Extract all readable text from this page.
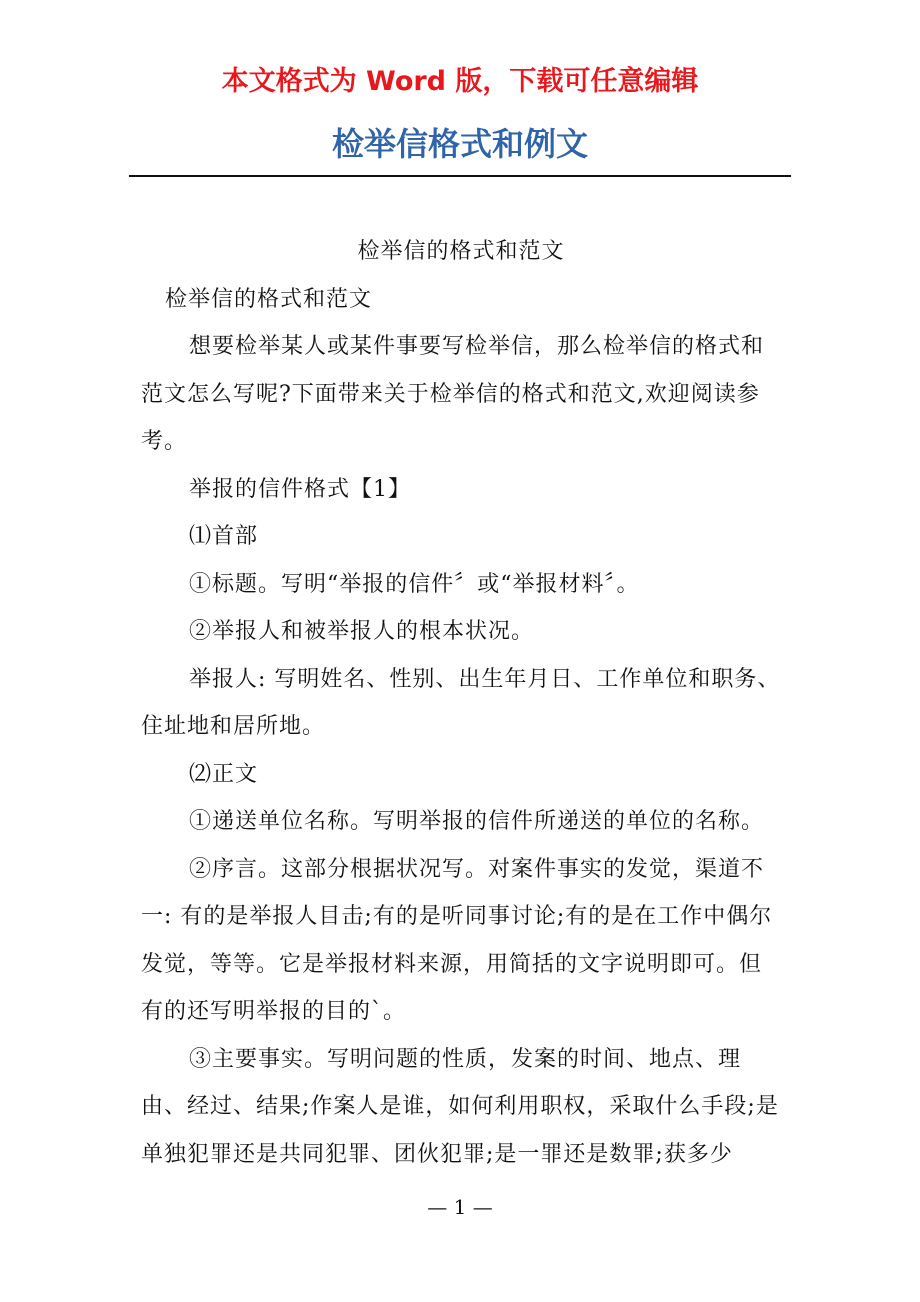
本文格式为 Word 版，下载可任意编辑
检举信格式和例文

检举信的格式和范文

检举信的格式和范文

想要检举某人或某件事要写检举信，那么检举信的格式和范文怎么写呢?下面带来关于检举信的格式和范文,欢迎阅读参考。

举报的信件格式【1】

⑴首部

①标题。写明“举报的信件〞或“举报材料〞。

②举报人和被举报人的根本状况。

举报人: 写明姓名、性别、出生年月日、工作单位和职务、住址地和居所地。

⑵正文

①递送单位名称。写明举报的信件所递送的单位的名称。

②序言。这部分根据状况写。对案件事实的发觉，渠道不一: 有的是举报人目击;有的是听同事讨论;有的是在工作中偶尔发觉，等等。它是举报材料来源，用简括的文字说明即可。但有的还写明举报的目的`。

③主要事实。写明问题的性质，发案的时间、地点、理由、经过、结果;作案人是谁，如何利用职权，采取什么手段;是单独犯罪还是共同犯罪、团伙犯罪;是一罪还是数罪;获多少

— 1 —
